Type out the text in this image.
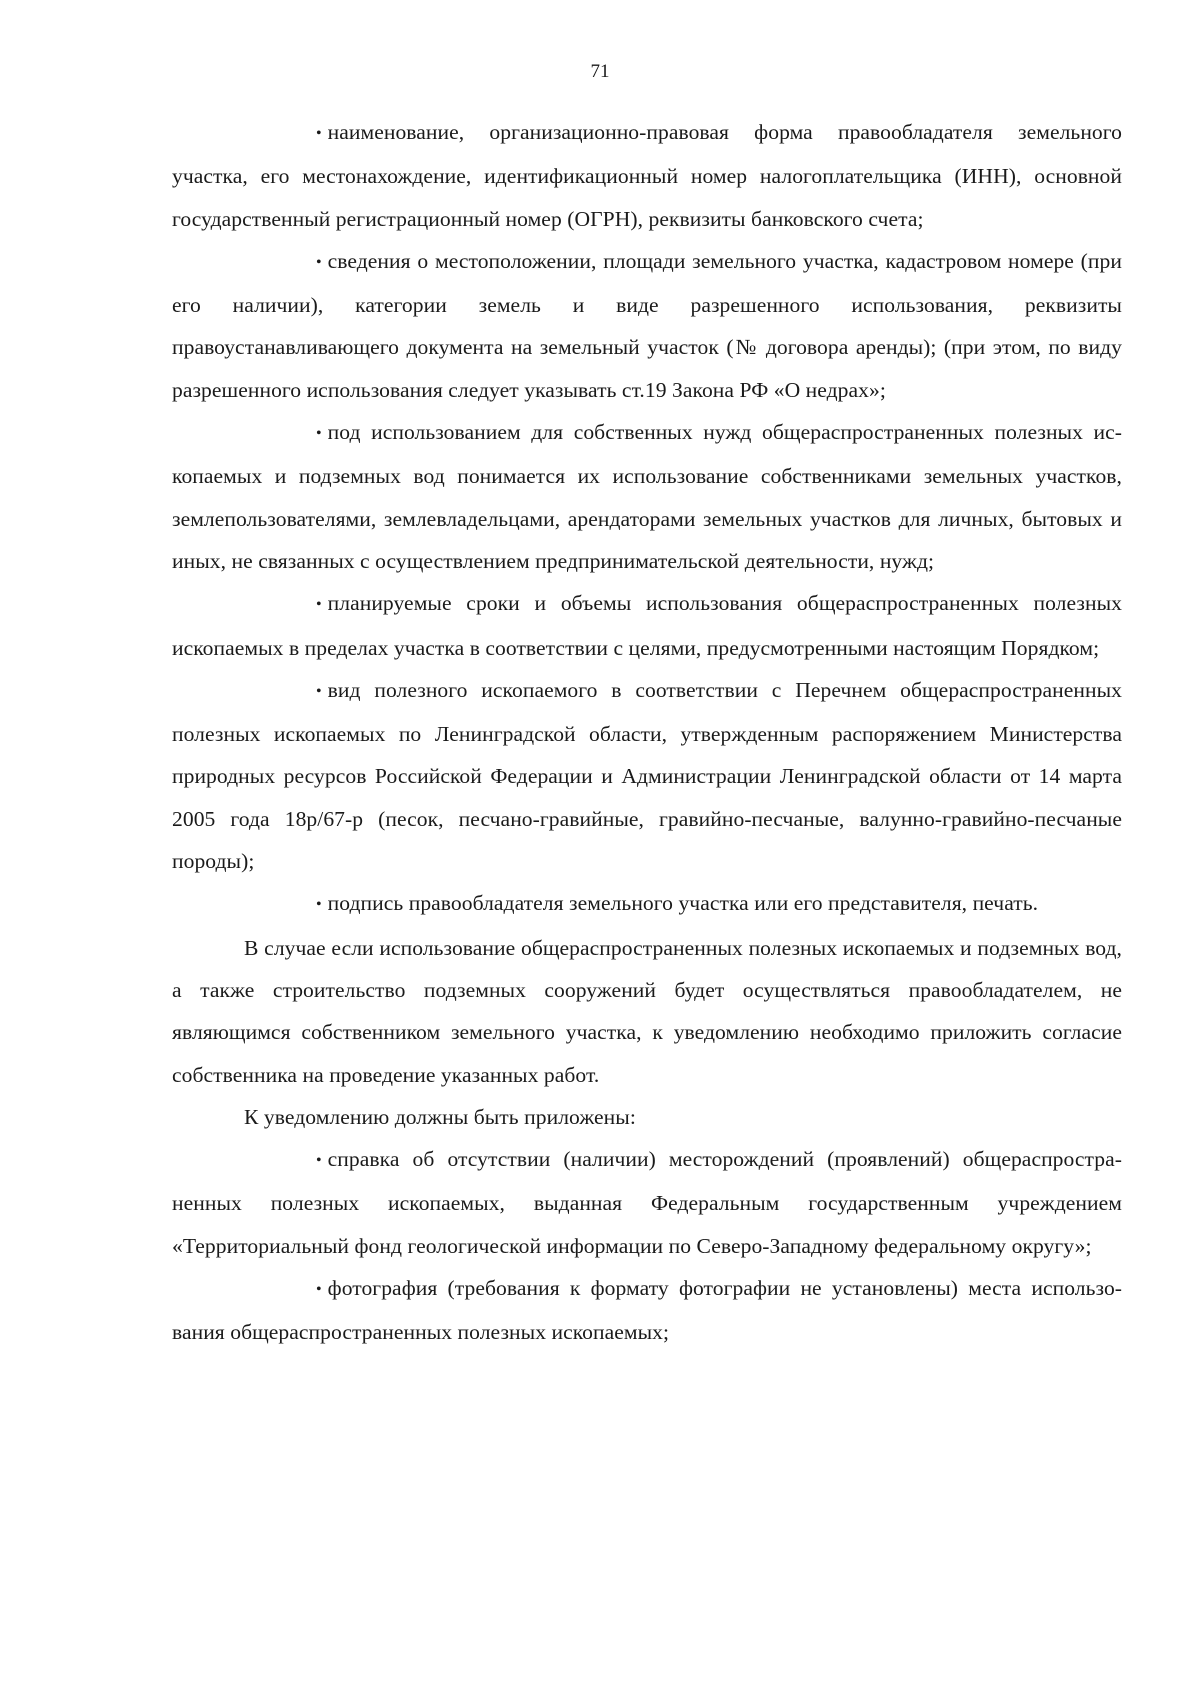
71

• наименование, организационно-правовая форма правообладателя земельного участка, его местонахождение, идентификационный номер налогоплательщика (ИНН), основной государственный регистрационный номер (ОГРН), реквизиты банковского счета;

• сведения о местоположении, площади земельного участка, кадастровом номере (при его наличии), категории земель и виде разрешенного использования, реквизиты правоустанавливающего документа на земельный участок (№ договора аренды); (при этом, по виду разрешенного использования следует указывать ст.19 Закона РФ «О недрах»;

• под использованием для собственных нужд общераспространенных полезных ископаемых и подземных вод понимается их использование собственниками земельных участков, землепользователями, землевладельцами, арендаторами земельных участков для личных, бытовых и иных, не связанных с осуществлением предпринимательской деятельности, нужд;

• планируемые сроки и объемы использования общераспространенных полезных ископаемых в пределах участка в соответствии с целями, предусмотренными настоящим Порядком;

• вид полезного ископаемого в соответствии с Перечнем общераспространенных полезных ископаемых по Ленинградской области, утвержденным распоряжением Министерства природных ресурсов Российской Федерации и Администрации Ленинградской области от 14 марта 2005 года 18р/67-р (песок, песчано-гравийные, гравийно-песчаные, валунно-гравийно-песчаные породы);

• подпись правообладателя земельного участка или его представителя, печать.

В случае если использование общераспространенных полезных ископаемых и подземных вод, а также строительство подземных сооружений будет осуществляться правообладателем, не являющимся собственником земельного участка, к уведомлению необходимо приложить согласие собственника на проведение указанных работ.

К уведомлению должны быть приложены:

• справка об отсутствии (наличии) месторождений (проявлений) общераспространенных полезных ископаемых, выданная Федеральным государственным учреждением «Территориальный фонд геологической информации по Северо-Западному федеральному округу»;

• фотография (требования к формату фотографии не установлены) места использования общераспространенных полезных ископаемых;
